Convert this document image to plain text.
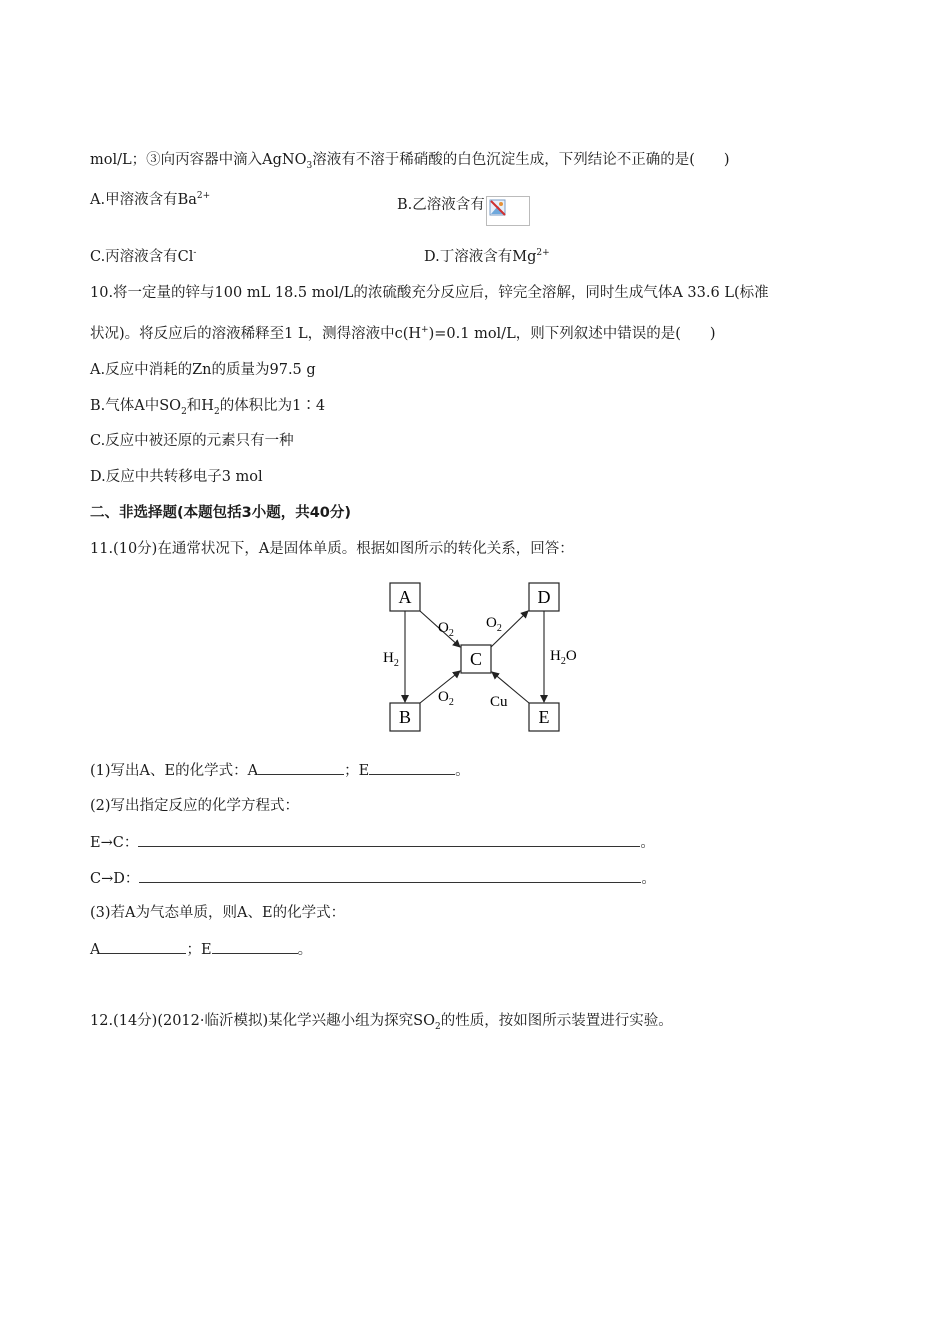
mol/L；③向丙容器中滴入AgNO$_3$溶液有不溶于稀硝酸的白色沉淀生成，下列结论不正确的是(　　)
A.甲溶液含有$Ba^{2+}$
B.乙溶液含有
C.丙溶液含有Cl-	D.丁溶液含有$Mg^{2+}$
10.将一定量的锌与100 mL 18.5 mol/L的浓硫酸充分反应后，锌完全溶解，同时生成气体A 33.6 L(标准
状况)。将反应后的溶液稀释至1 L，测得溶液中c(H+)=0.1 mol/L，则下列叙述中错误的是(　　)
A.反应中消耗的Zn的质量为97.5 g
B.气体A中$SO_2$和$H_2$的体积比为1∶4
C.反应中被还原的元素只有一种
D.反应中共转移电子3 mol
二、非选择题(本题包括3小题，共40分)
11.(10分)在通常状况下，A是固体单质。根据如图所示的转化关系，回答：
A
B
C
D
E
$H_2$
$O_2$
$O_2$
$O_2$ Cu
$H_2O$
(1)写出A、E的化学式：A	；E	。
(2)写出指定反应的化学方程式：
E→C：	。
C→D：	。
(3)若A为气态单质，则A、E的化学式：
A	；E	。
12.(14分)(2012·临沂模拟)某化学兴趣小组为探究$SO_2$的性质，按如图所示装置进行实验。
